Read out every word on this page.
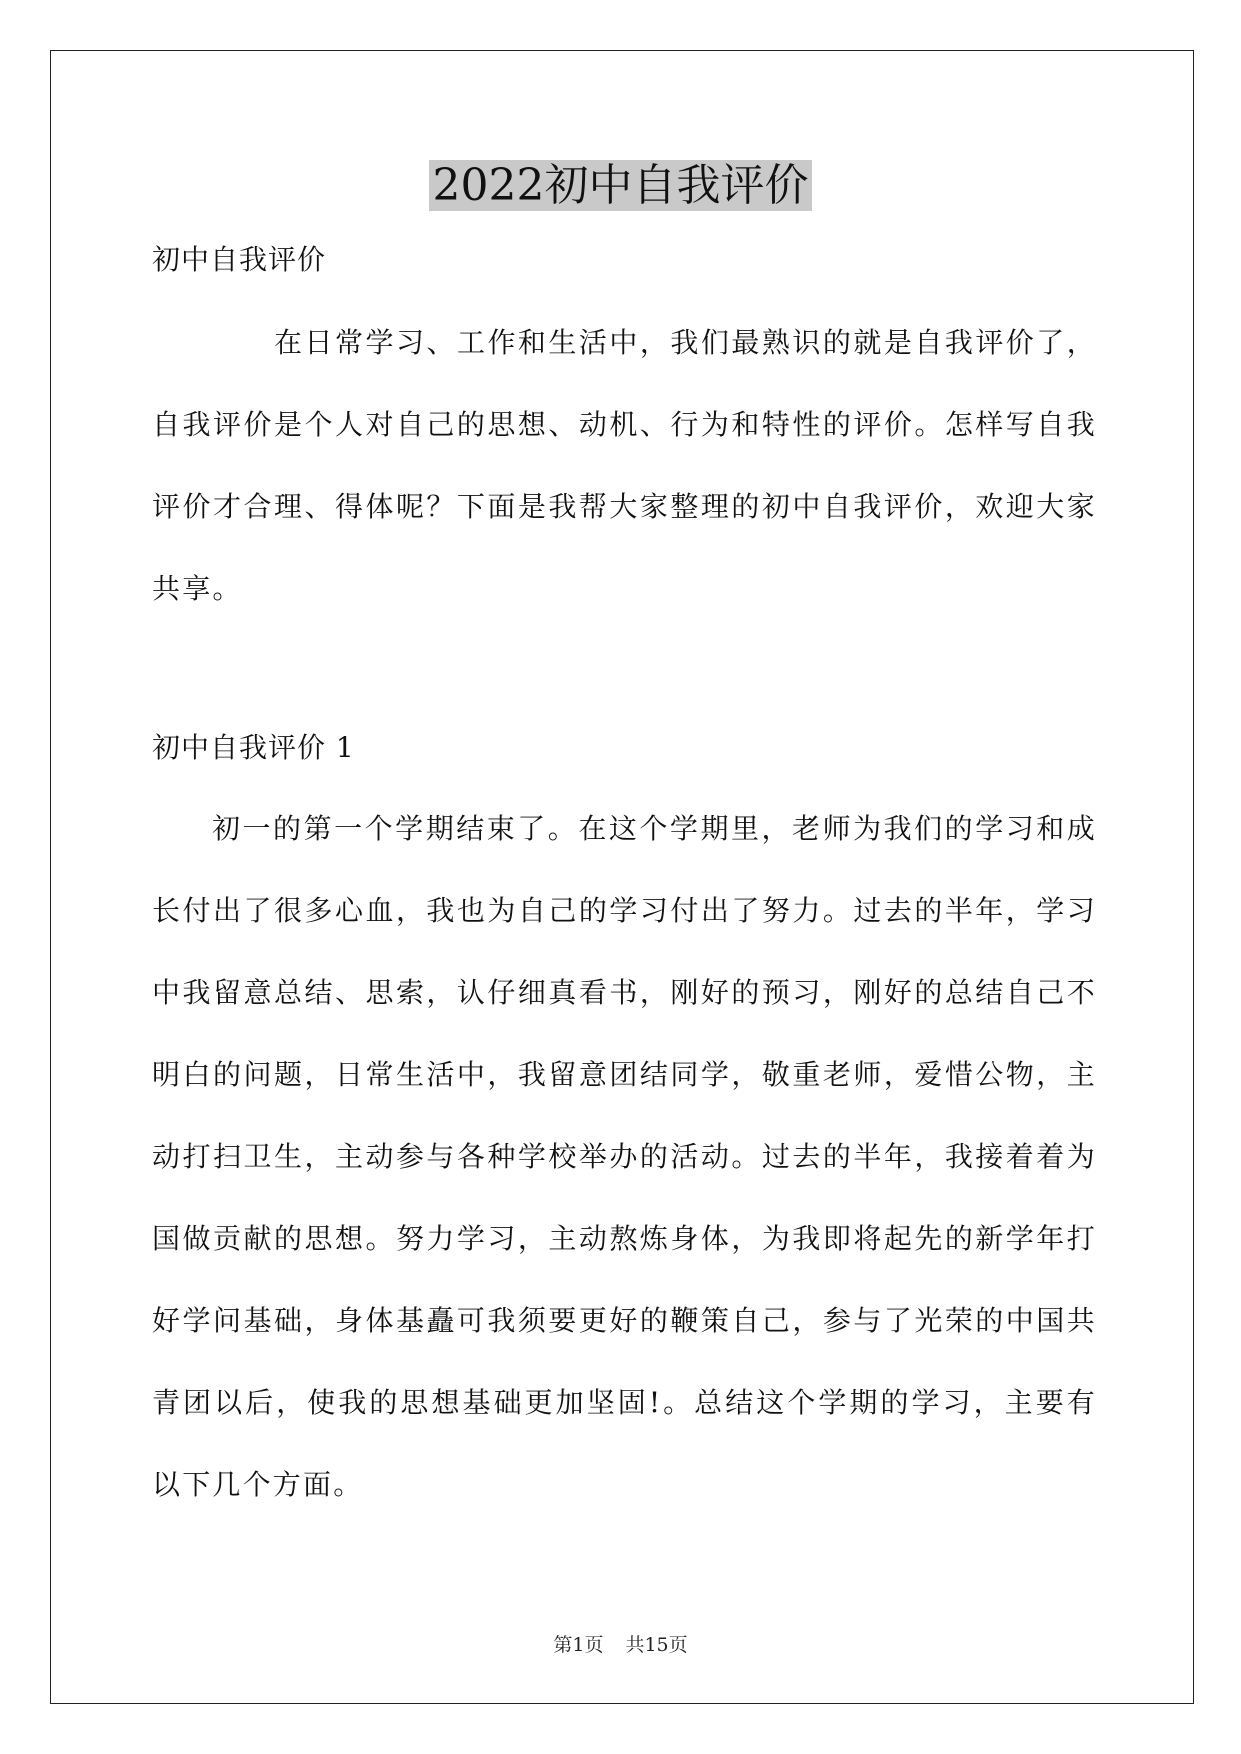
2022初中自我评价

初中自我评价

在日常学习、工作和生活中，我们最熟识的就是自我评价了，自我评价是个人对自己的思想、动机、行为和特性的评价。怎样写自我评价才合理、得体呢？下面是我帮大家整理的初中自我评价，欢迎大家共享。

初中自我评价 1

初一的第一个学期结束了。在这个学期里，老师为我们的学习和成长付出了很多心血，我也为自己的学习付出了努力。过去的半年，学习中我留意总结、思索，认仔细真看书，刚好的预习，刚好的总结自己不明白的问题，日常生活中，我留意团结同学，敬重老师，爱惜公物，主动打扫卫生，主动参与各种学校举办的活动。过去的半年，我接着着为国做贡献的思想。努力学习，主动熬炼身体，为我即将起先的新学年打好学问基础，身体基矗可我须要更好的鞭策自己，参与了光荣的中国共青团以后，使我的思想基础更加坚固!。总结这个学期的学习，主要有以下几个方面。

第1页 共15页
